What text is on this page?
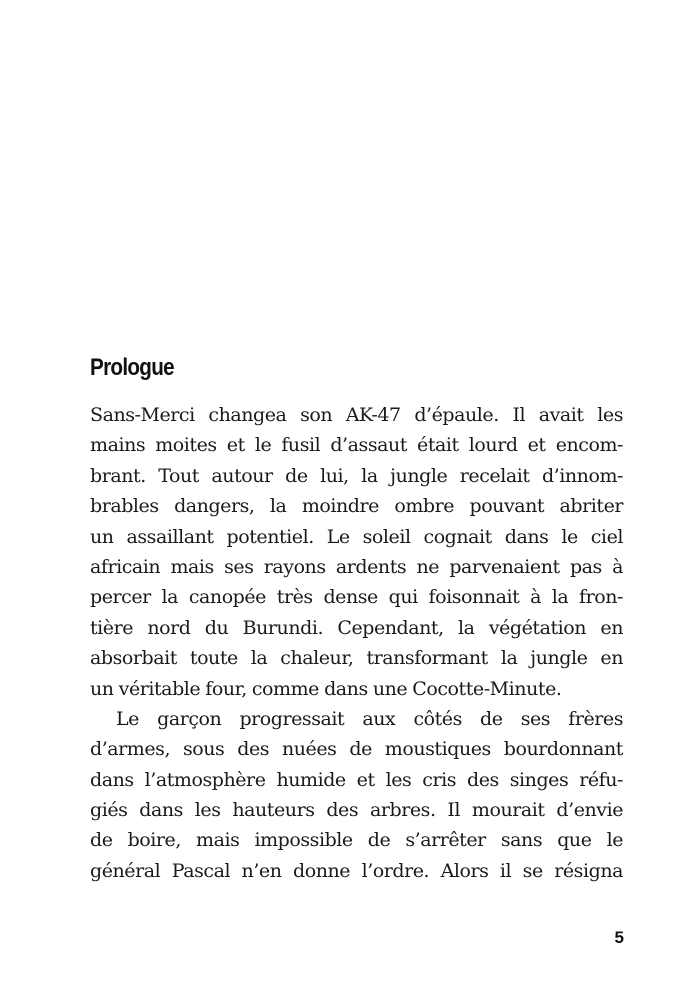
Prologue
Sans-Merci changea son AK-47 d’épaule. Il avait les
mains moites et le fusil d’assaut était lourd et encom-
brant. Tout autour de lui, la jungle recelait d’innom-
brables dangers, la moindre ombre pouvant abriter
un assaillant potentiel. Le soleil cognait dans le ciel
africain mais ses rayons ardents ne parvenaient pas à
percer la canopée très dense qui foisonnait à la fron-
tière nord du Burundi. Cependant, la végétation en
absorbait toute la chaleur, transformant la jungle en
un véritable four, comme dans une Cocotte-Minute.
Le garçon progressait aux côtés de ses frères
d’armes, sous des nuées de moustiques bourdonnant
dans l’atmosphère humide et les cris des singes réfu-
giés dans les hauteurs des arbres. Il mourait d’envie
de boire, mais impossible de s’arrêter sans que le
général Pascal n’en donne l’ordre. Alors il se résigna
5
